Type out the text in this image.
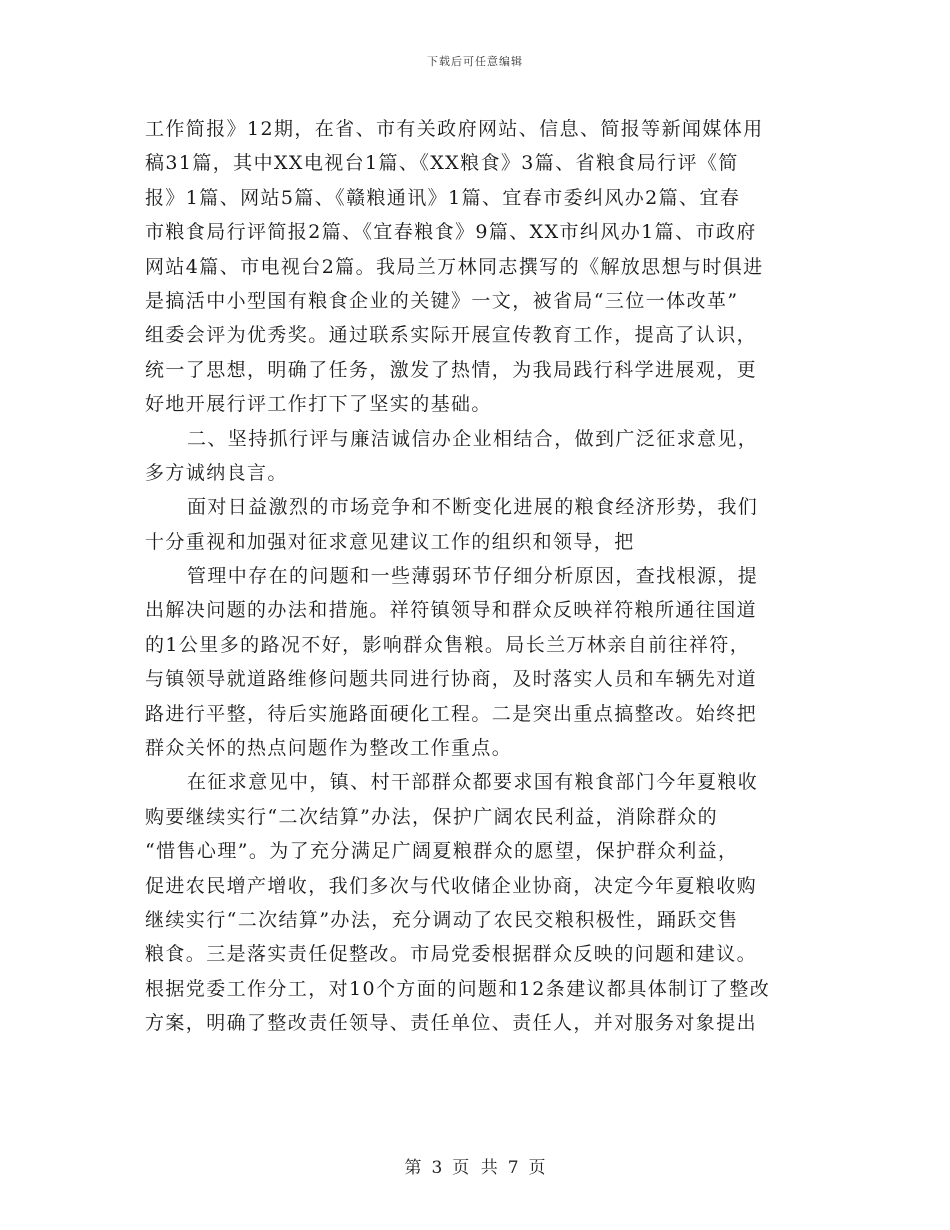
下载后可任意编辑
工作简报》12期，在省、市有关政府网站、信息、简报等新闻媒体用
稿31篇，其中XX电视台1篇、《XX粮食》3篇、省粮食局行评《简
报》1篇、网站5篇、《赣粮通讯》1篇、宜春市委纠风办2篇、宜春
市粮食局行评简报2篇、《宜春粮食》9篇、XX市纠风办1篇、市政府
网站4篇、市电视台2篇。我局兰万林同志撰写的《解放思想与时俱进
是搞活中小型国有粮食企业的关键》一文，被省局“三位一体改革”
组委会评为优秀奖。通过联系实际开展宣传教育工作，提高了认识，
统一了思想，明确了任务，激发了热情，为我局践行科学进展观，更
好地开展行评工作打下了坚实的基础。
二、坚持抓行评与廉洁诚信办企业相结合，做到广泛征求意见，
多方诚纳良言。
面对日益激烈的市场竞争和不断变化进展的粮食经济形势，我们
十分重视和加强对征求意见建议工作的组织和领导，把
管理中存在的问题和一些薄弱环节仔细分析原因，查找根源，提
出解决问题的办法和措施。祥符镇领导和群众反映祥符粮所通往国道
的1公里多的路况不好，影响群众售粮。局长兰万林亲自前往祥符，
与镇领导就道路维修问题共同进行协商，及时落实人员和车辆先对道
路进行平整，待后实施路面硬化工程。二是突出重点搞整改。始终把
群众关怀的热点问题作为整改工作重点。
在征求意见中，镇、村干部群众都要求国有粮食部门今年夏粮收
购要继续实行“二次结算”办法，保护广阔农民利益，消除群众的
“惜售心理”。为了充分满足广阔夏粮群众的愿望，保护群众利益，
促进农民增产增收，我们多次与代收储企业协商，决定今年夏粮收购
继续实行“二次结算”办法，充分调动了农民交粮积极性，踊跃交售
粮食。三是落实责任促整改。市局党委根据群众反映的问题和建议。
根据党委工作分工，对10个方面的问题和12条建议都具体制订了整改
方案，明确了整改责任领导、责任单位、责任人，并对服务对象提出
第 3 页 共 7 页
